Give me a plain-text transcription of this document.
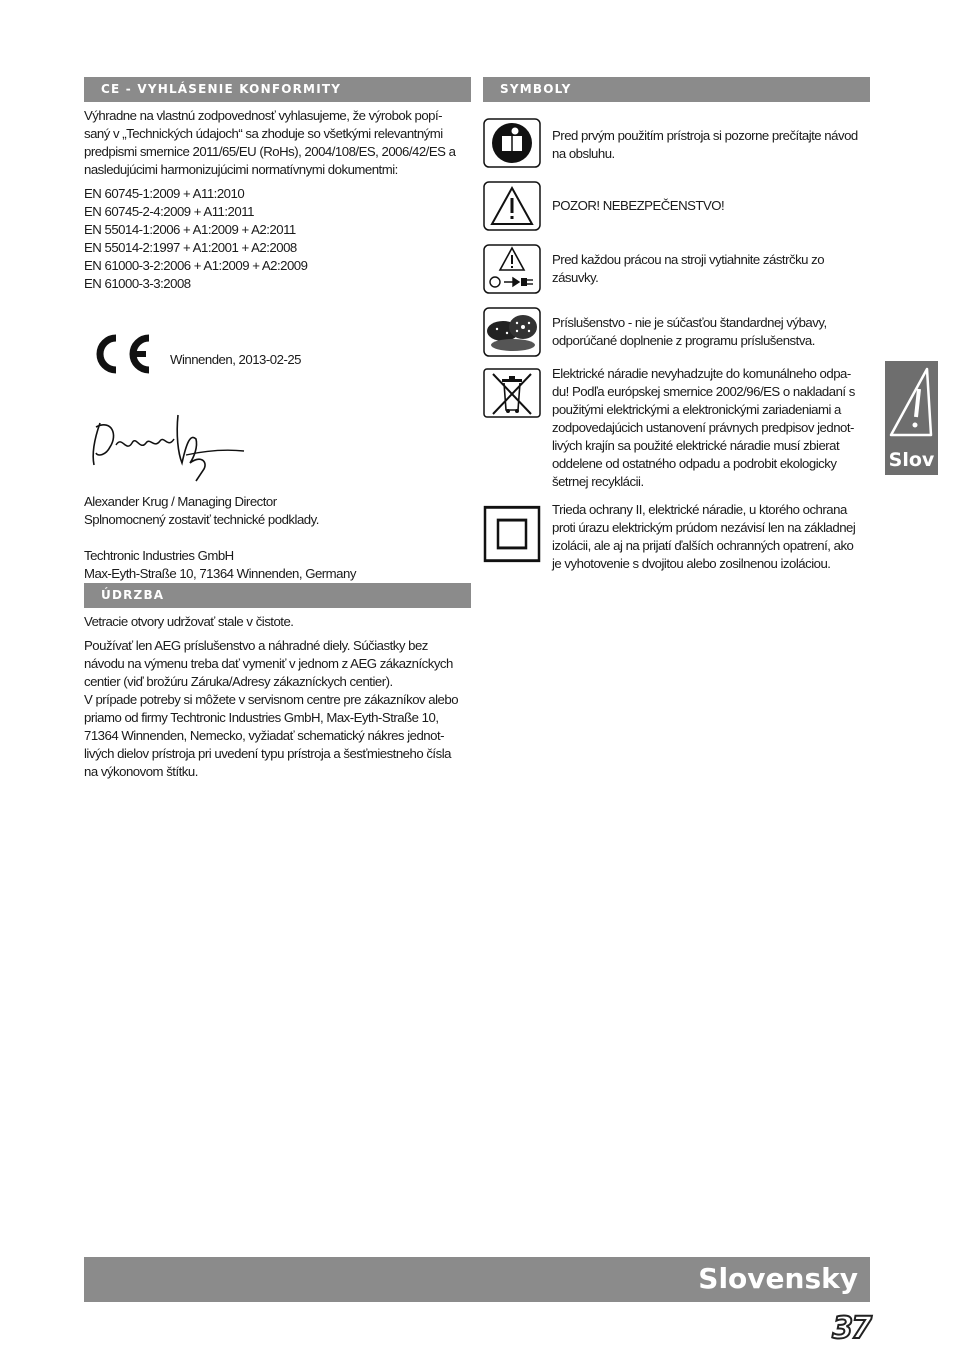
CE - VYHLÁSENIE KONFORMITY

Výhradne na vlastnú zodpovednosť vyhlasujeme, že výrobok popí-
saný v „Technických údajoch“ sa zhoduje so všetkými relevantnými
predpismi smernice 2011/65/EU (RoHs), 2004/108/ES, 2006/42/ES a
nasledujúcimi harmonizujúcimi normatívnymi dokumentmi:

EN 60745-1:2009 + A11:2010
EN 60745-2-4:2009 + A11:2011
EN 55014-1:2006 + A1:2009 + A2:2011
EN 55014-2:1997 + A1:2001 + A2:2008
EN 61000-3-2:2006 + A1:2009 + A2:2009
EN 61000-3-3:2008

Winnenden, 2013-02-25

Alexander Krug / Managing Director
Splnomocnený zostaviť technické podklady.

Techtronic Industries GmbH
Max-Eyth-Straße 10, 71364 Winnenden, Germany

ÚDRZBA

Vetracie otvory udržovať stale v čistote.

Používať len AEG príslušenstvo a náhradné diely. Súčiastky bez
návodu na výmenu treba dať vymeniť v jednom z AEG zákazníckych
centier (viď brožúru Záruka/Adresy zákazníckych centier).
V prípade potreby si môžete v servisnom centre pre zákazníkov alebo
priamo od firmy Techtronic Industries GmbH, Max-Eyth-Straße 10,
71364 Winnenden, Nemecko, vyžiadať schematický nákres jednot-
livých dielov prístroja pri uvedení typu prístroja a šesťmiestneho čísla
na výkonovom štítku.

SYMBOLY
Pred prvým použitím prístroja si pozorne prečítajte návod
na obsluhu.
POZOR! NEBEZPEČENSTVO!
Pred každou prácou na stroji vytiahnite zástrčku zo
zásuvky.
Príslušenstvo - nie je súčasťou štandardnej výbavy,
odporúčané doplnenie z programu príslušenstva.
Elektrické náradie nevyhadzujte do komunálneho odpa-
du! Podľa európskej smernice 2002/96/ES o nakladaní s
použitými elektrickými a elektronickými zariadeniami a
zodpovedajúcich ustanovení právnych predpisov jednot-
livých krajín sa použité elektrické náradie musí zbierat
oddelene od ostatného odpadu a podrobit ekologicky
šetrnej recyklácii.
Trieda ochrany II, elektrické náradie, u ktorého ochrana
proti úrazu elektrickým prúdom nezávisí len na základnej
izolácii, ale aj na prijatí ďalších ochranných opatrení, ako
je vyhotovenie s dvojitou alebo zosilnenou izoláciou.
Slov
Slovensky
37
